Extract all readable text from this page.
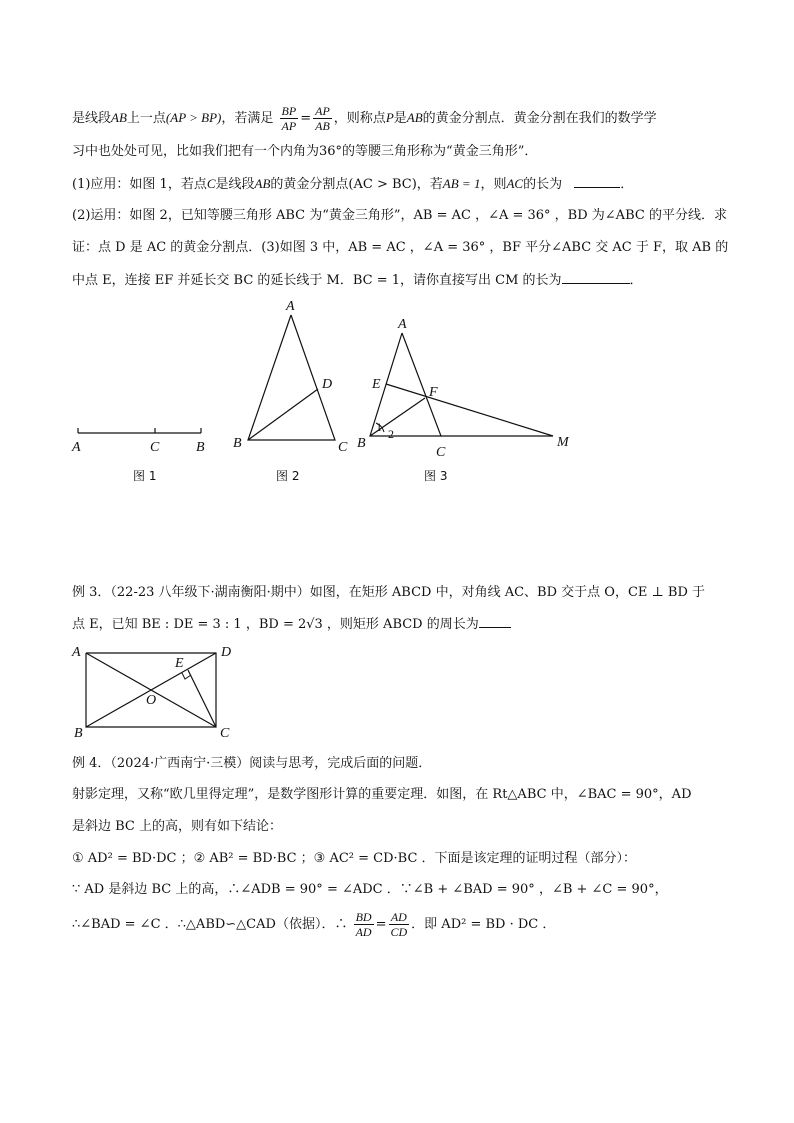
是线段AB上一点(AP > BP)，若满足 $\frac{BP}{AP} = \frac{AP}{AB}$ ，则称点P是AB的黄金分割点．黄金分割在我们的数学学
习中也处处可见，比如我们把有一个内角为36°的等腰三角形称为“黄金三角形”．
(1)应用：如图 1，若点C是线段AB的黄金分割点(AC > BC)，若AB = 1，则AC的长为	．
(2)运用：如图 2，已知等腰三角形 ABC 为“黄金三角形”，AB = AC ，∠A = 36° ，BD 为∠ABC 的平分线．求
证：点 D 是 AC 的黄金分割点．(3)如图 3 中，AB = AC ，∠A = 36° ，BF 平分∠ABC 交 AC 于 F，取 AB 的
中点 E，连接 EF 并延长交 BC 的延长线于 M．BC = 1，请你直接写出 CM 的长为	．
A	C	B
图 1
A
D
B	C
图 2
A
E
F
1 2
B
C
M
图 3
例 3．（22-23 八年级下·湖南衡阳·期中）如图，在矩形 ABCD 中，对角线 AC、BD 交于点 O，CE ⊥ BD 于
点 E，已知 BE : DE = 3 : 1 ，BD = 2√3 ，则矩形 ABCD 的周长为
A	D
E
O
B	C
例 4．（2024·广西南宁·三模）阅读与思考，完成后面的问题．
射影定理，又称“欧几里得定理”，是数学图形计算的重要定理．如图，在 Rt△ABC 中，∠BAC = 90°，AD
是斜边 BC 上的高，则有如下结论：
① AD² = BD·DC ；② AB² = BD·BC ；③ AC² = CD·BC ．下面是该定理的证明过程（部分）：
∵ AD 是斜边 BC 上的高，∴∠ADB = 90° = ∠ADC ．∵∠B + ∠BAD = 90° ，∠B + ∠C = 90°，
∴∠BAD = ∠C ．∴△ABD∽△CAD（依据）．∴ $\frac{BD}{AD} = \frac{AD}{CD}$ ．即 AD² = BD · DC ．
